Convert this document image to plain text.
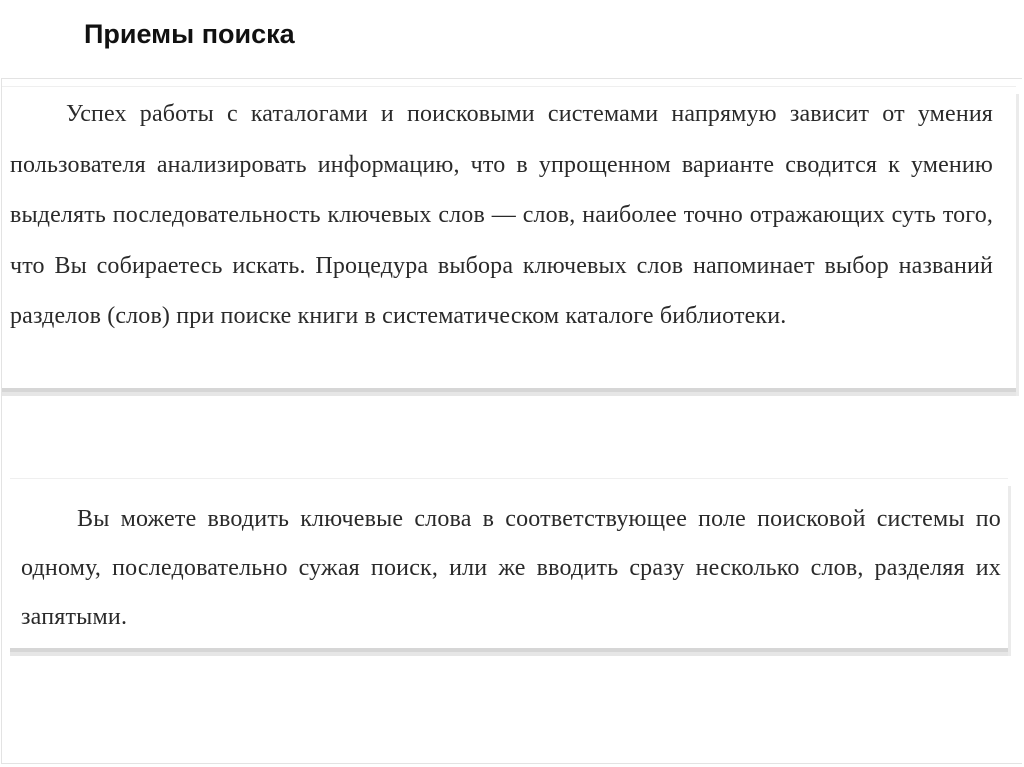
Приемы поиска

Успех работы с каталогами и поисковыми системами напрямую зависит от умения пользователя анализировать информацию, что в упрощенном варианте сводится к умению выделять последовательность ключевых слов — слов, наиболее точно отражающих суть того, что Вы собираетесь искать. Процедура выбора ключевых слов напоминает выбор названий разделов (слов) при поиске книги в систематическом каталоге библиотеки.

Вы можете вводить ключевые слова в соответствующее поле поисковой системы по одному, последовательно сужая поиск, или же вводить сразу несколько слов, разделяя их запятыми.
